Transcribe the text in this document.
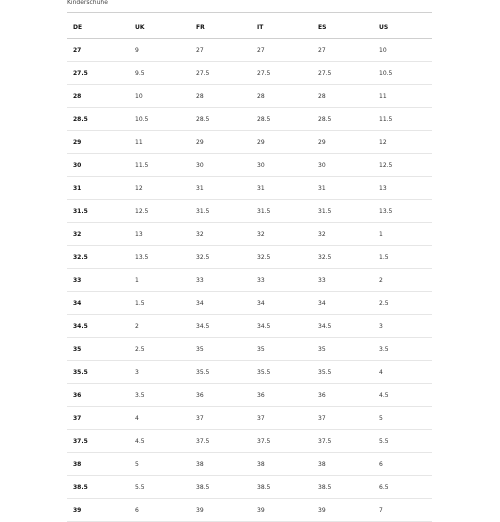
Kinderschuhe
DE	UK	FR	IT	ES	US
27	9	27	27	27	10
27.5	9.5	27.5	27.5	27.5	10.5
28	10	28	28	28	11
28.5	10.5	28.5	28.5	28.5	11.5
29	11	29	29	29	12
30	11.5	30	30	30	12.5
31	12	31	31	31	13
31.5	12.5	31.5	31.5	31.5	13.5
32	13	32	32	32	1
32.5	13.5	32.5	32.5	32.5	1.5
33	1	33	33	33	2
34	1.5	34	34	34	2.5
34.5	2	34.5	34.5	34.5	3
35	2.5	35	35	35	3.5
35.5	3	35.5	35.5	35.5	4
36	3.5	36	36	36	4.5
37	4	37	37	37	5
37.5	4.5	37.5	37.5	37.5	5.5
38	5	38	38	38	6
38.5	5.5	38.5	38.5	38.5	6.5
39	6	39	39	39	7
